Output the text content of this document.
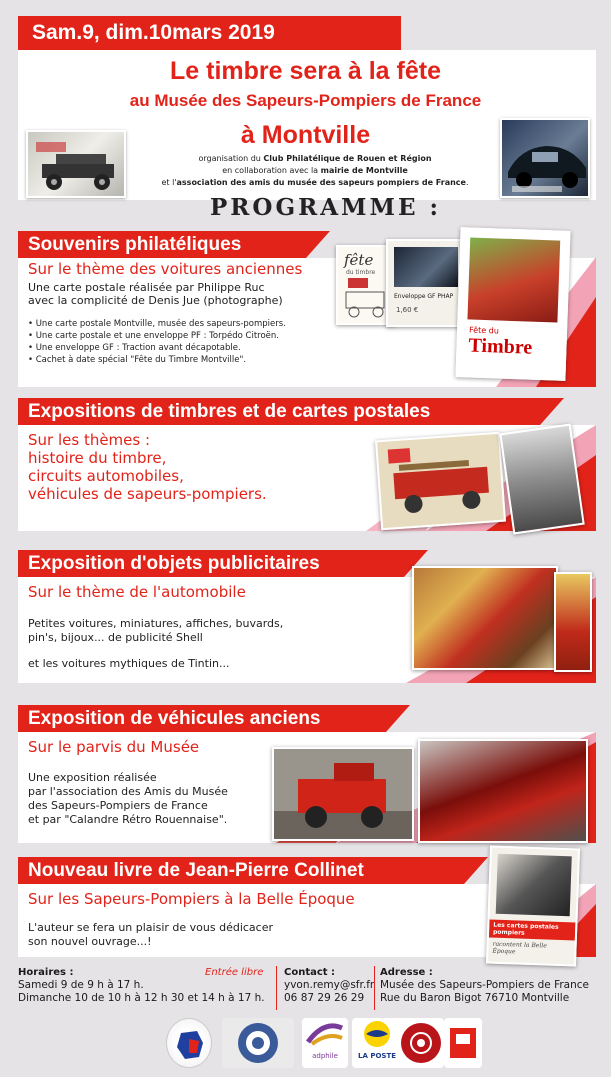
Sam. 9 , dim. 10 mars 2019
Le timbre sera à la fête
au Musée des Sapeurs-Pompiers de France
à Montville
organisation du Club Philatélique de Rouen et Région
en collaboration avec la mairie de Montville
et l'association des amis du musée des sapeurs pompiers de France.
PROGRAMME :
Souvenirs philatéliques
Sur le thème des voitures anciennes
Une carte postale réalisée par Philippe Ruc
avec la complicité de Denis Jue (photographe)
• Une carte postale Montville, musée des sapeurs-pompiers.
• Une carte postale et une enveloppe PF : Torpédo Citroën.
• Une enveloppe GF : Traction avant décapotable.
• Cachet à date spécial "Fête du Timbre Montville".
fête
du timbre
Enveloppe GF PHAP
1,60 €
Fête du
Timbre
Expositions de timbres et de cartes postales
Sur les thèmes :
histoire du timbre,
circuits automobiles,
véhicules de sapeurs-pompiers.
Exposition d'objets publicitaires
Sur le thème de l'automobile
Petites voitures, miniatures, affiches, buvards,
pin's, bijoux... de publicité Shell
et les voitures mythiques de Tintin...
Exposition de véhicules anciens
Sur le parvis du Musée
Une exposition réalisée
par l'association des Amis du Musée
des Sapeurs-Pompiers de France
et par "Calandre Rétro Rouennaise".
Nouveau livre de Jean-Pierre Collinet
Sur les Sapeurs-Pompiers à la Belle Époque
L'auteur se fera un plaisir de vous dédicacer
son nouvel ouvrage...!
Les cartes postales pompiers
racontent la Belle Époque
Horaires :
Samedi 9 de 9 h à 17 h.
Dimanche 10 de 10 h à 12 h 30 et 14 h à 17 h.
Entrée libre Contact :
yvon.remy@sfr.fr
06 87 29 26 29
Adresse :
Musée des Sapeurs-Pompiers de France
Rue du Baron Bigot 76710 Montville
adphile	LA POSTE
